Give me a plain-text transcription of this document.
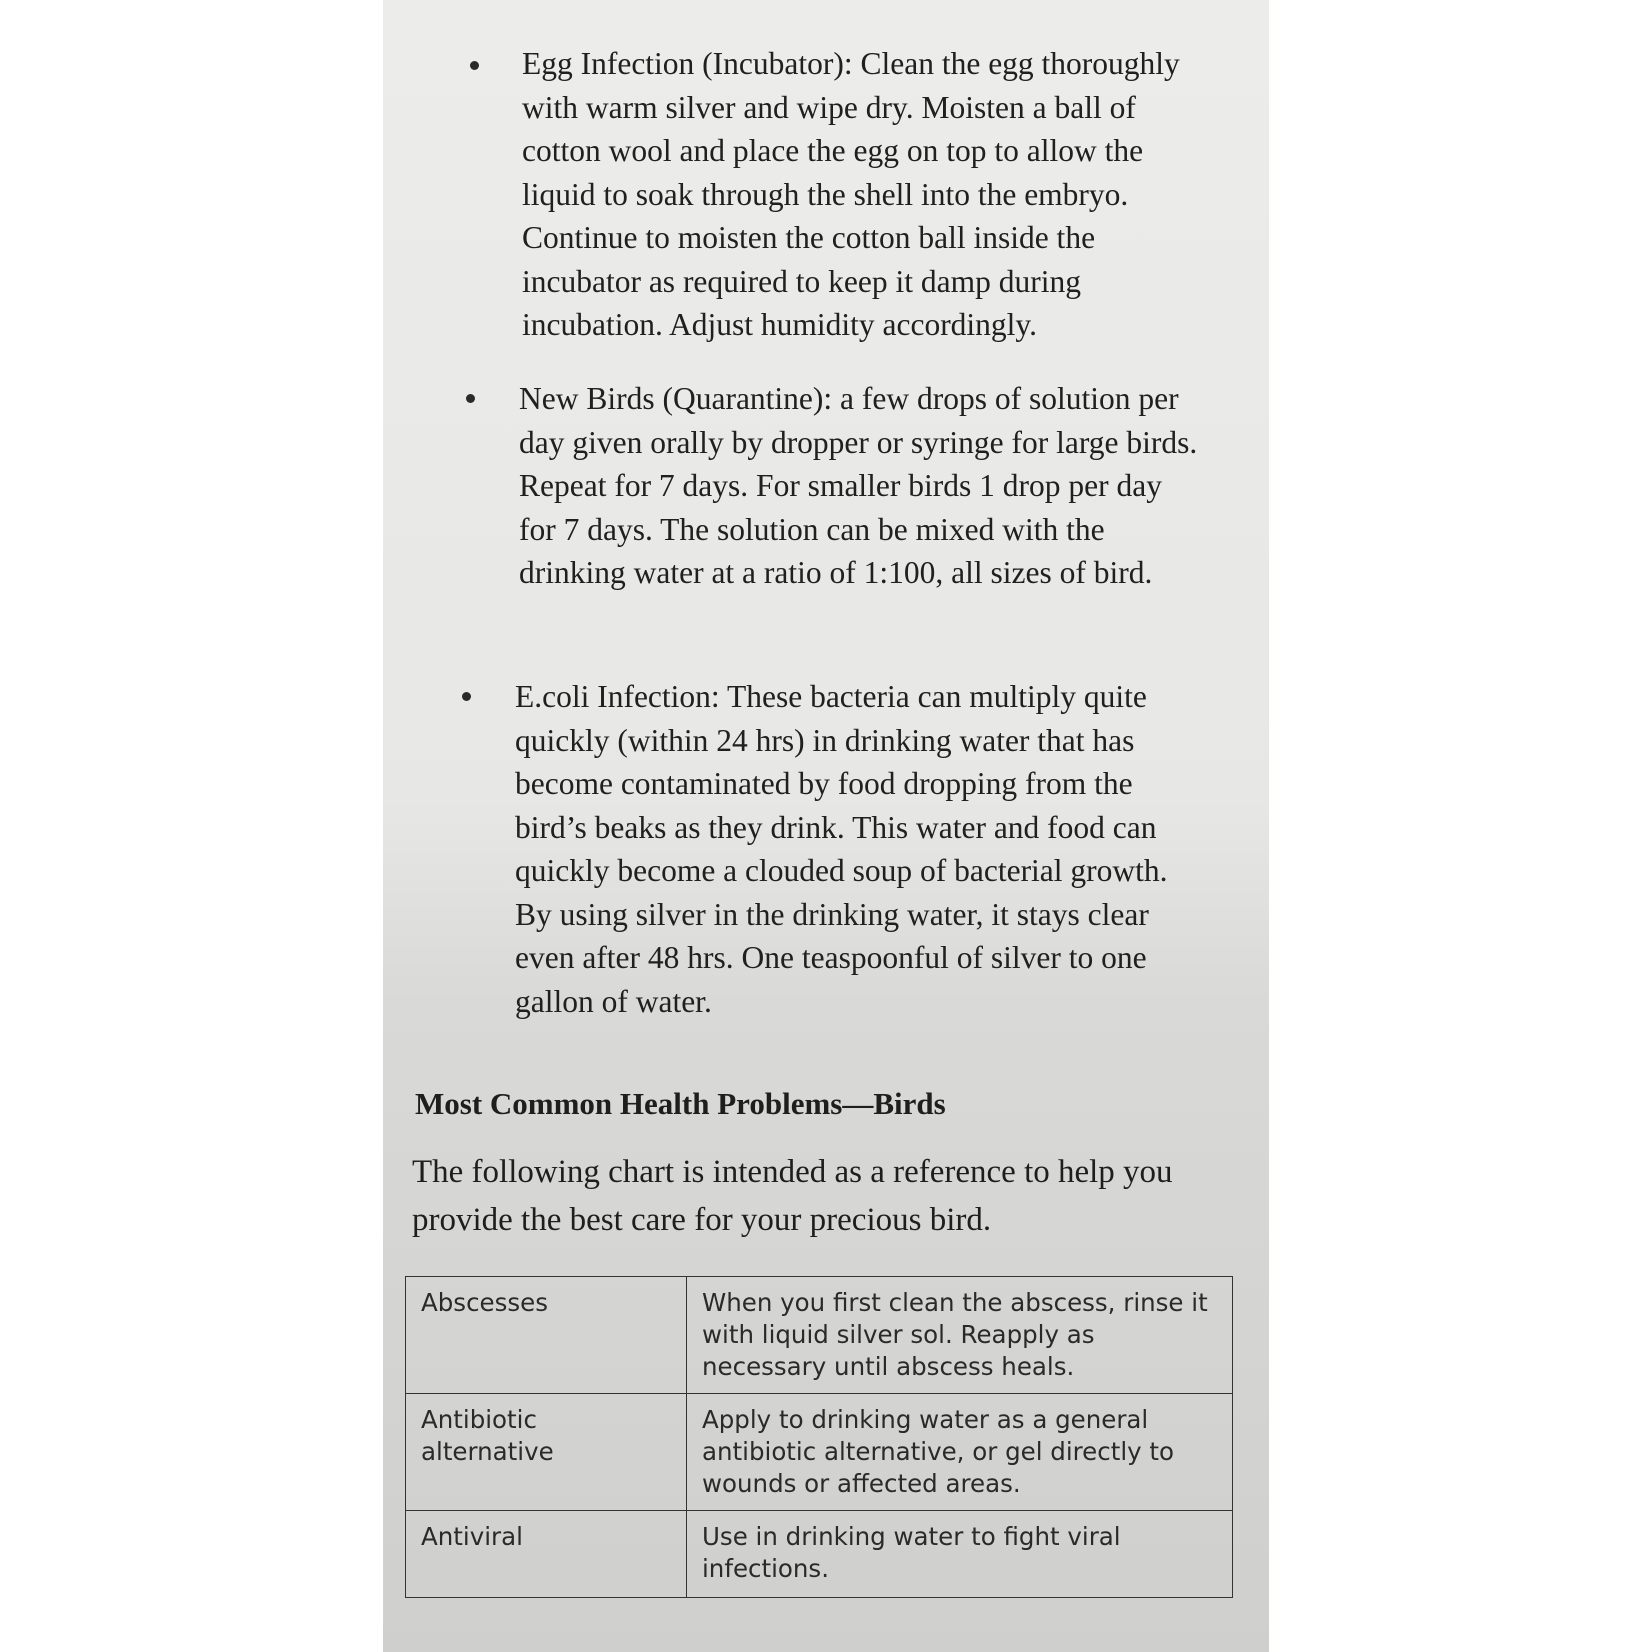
Egg Infection (Incubator): Clean the egg thoroughly with warm silver and wipe dry. Moisten a ball of cotton wool and place the egg on top to allow the liquid to soak through the shell into the embryo. Continue to moisten the cotton ball inside the incubator as required to keep it damp during incubation. Adjust humidity accordingly.

New Birds (Quarantine): a few drops of solution per day given orally by dropper or syringe for large birds. Repeat for 7 days. For smaller birds 1 drop per day for 7 days. The solution can be mixed with the drinking water at a ratio of 1:100, all sizes of bird.

E.coli Infection: These bacteria can multiply quite quickly (within 24 hrs) in drinking water that has become contaminated by food dropping from the bird’s beaks as they drink. This water and food can quickly become a clouded soup of bacterial growth. By using silver in the drinking water, it stays clear even after 48 hrs. One teaspoonful of silver to one gallon of water.

Most Common Health Problems—Birds

The following chart is intended as a reference to help you provide the best care for your precious bird.

Abscesses	When you first clean the abscess, rinse it with liquid silver sol. Reapply as necessary until abscess heals.
Antibiotic alternative	Apply to drinking water as a general antibiotic alternative, or gel directly to wounds or affected areas.
Antiviral	Use in drinking water to fight viral infections.
